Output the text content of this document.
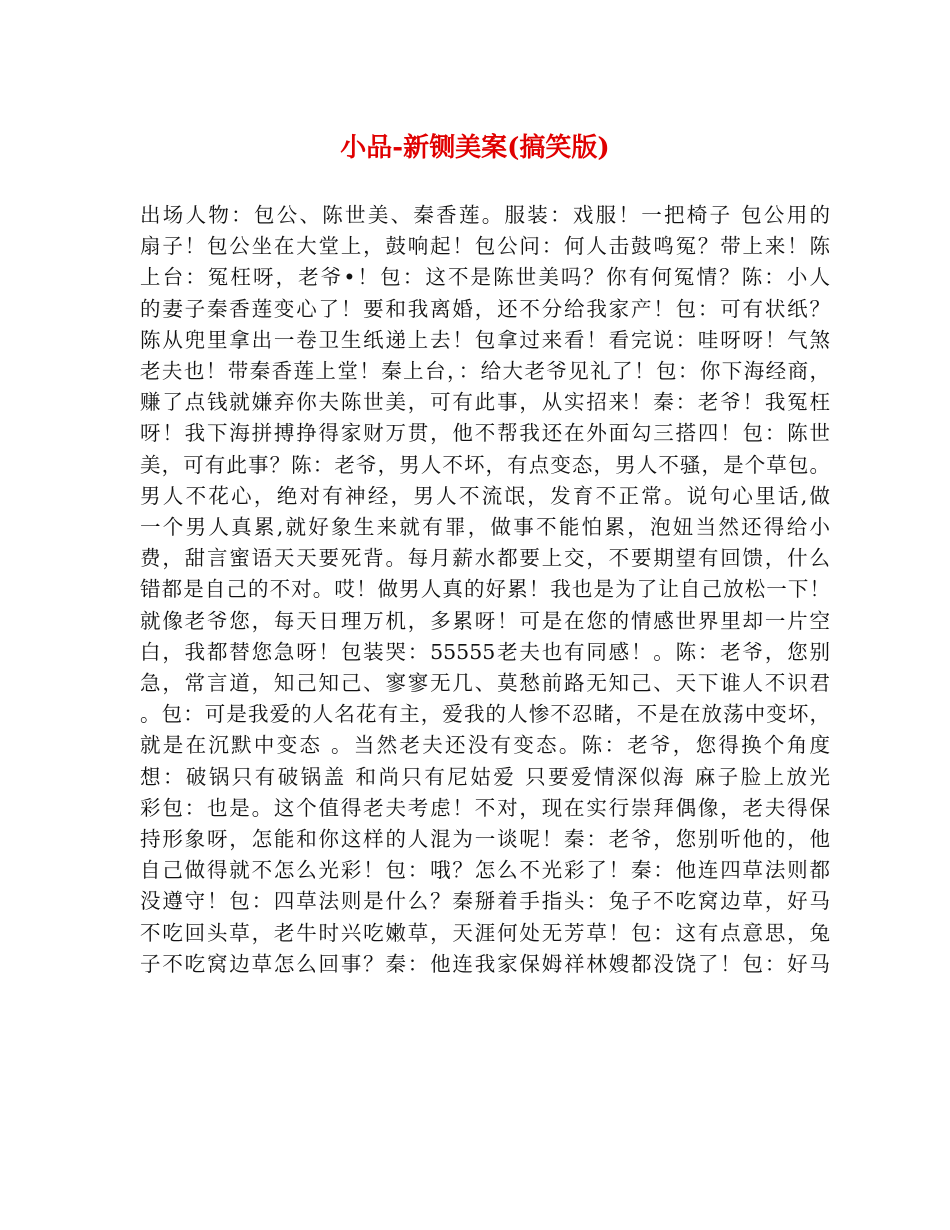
小品-新铡美案(搞笑版)
出场人物：包公、陈世美、秦香莲。服装：戏服！一把椅子 包公用的
扇子！包公坐在大堂上，鼓响起！包公问：何人击鼓鸣冤？带上来！陈
上台：冤枉呀，老爷•！包：这不是陈世美吗？你有何冤情？陈：小人
的妻子秦香莲变心了！要和我离婚，还不分给我家产！包：可有状纸？
陈从兜里拿出一卷卫生纸递上去！包拿过来看！看完说：哇呀呀！气煞
老夫也！带秦香莲上堂！秦上台，：给大老爷见礼了！包：你下海经商，
赚了点钱就嫌弃你夫陈世美，可有此事，从实招来！秦：老爷！我冤枉
呀！我下海拼搏挣得家财万贯，他不帮我还在外面勾三搭四！包：陈世
美，可有此事？陈：老爷，男人不坏，有点变态，男人不骚，是个草包。
男人不花心，绝对有神经，男人不流氓，发育不正常。说句心里话,做
一个男人真累,就好象生来就有罪，做事不能怕累，泡妞当然还得给小
费，甜言蜜语天天要死背。每月薪水都要上交，不要期望有回馈，什么
错都是自己的不对。哎！做男人真的好累！我也是为了让自己放松一下！
就像老爷您，每天日理万机，多累呀！可是在您的情感世界里却一片空
白，我都替您急呀！包装哭：55555老夫也有同感！。陈：老爷，您别
急，常言道，知己知己、寥寥无几、莫愁前路无知己、天下谁人不识君
。包：可是我爱的人名花有主，爱我的人惨不忍睹，不是在放荡中变坏，
就是在沉默中变态 。当然老夫还没有变态。陈：老爷，您得换个角度
想：破锅只有破锅盖 和尚只有尼姑爱 只要爱情深似海 麻子脸上放光
彩包：也是。这个值得老夫考虑！不对，现在实行崇拜偶像，老夫得保
持形象呀，怎能和你这样的人混为一谈呢！秦：老爷，您别听他的，他
自己做得就不怎么光彩！包：哦？怎么不光彩了！秦：他连四草法则都
没遵守！包：四草法则是什么？秦掰着手指头：兔子不吃窝边草，好马
不吃回头草，老牛时兴吃嫩草，天涯何处无芳草！包：这有点意思，兔
子不吃窝边草怎么回事？秦：他连我家保姆祥林嫂都没饶了！包：好马
